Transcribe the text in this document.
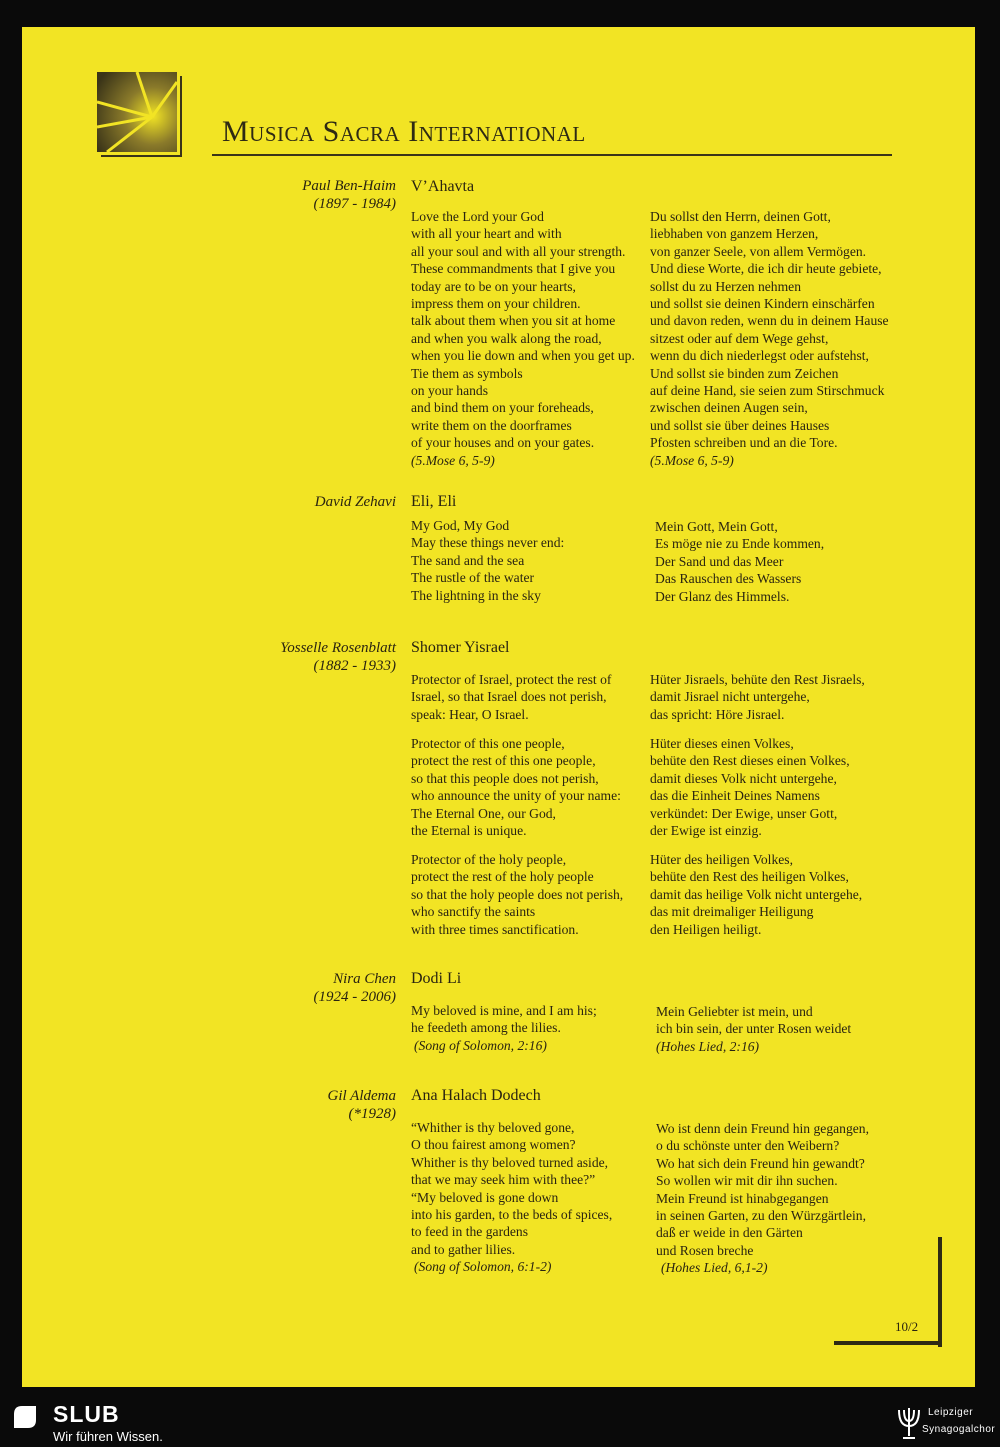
Musica Sacra International
Paul Ben-Haim
(1897 - 1984)
V’Ahavta
Love the Lord your God
with all your heart and with
all your soul and with all your strength.
These commandments that I give you
today are to be on your hearts,
impress them on your children.
talk about them when you sit at home
and when you walk along the road,
when you lie down and when you get up.
Tie them as symbols
on your hands
and bind them on your foreheads,
write them on the doorframes
of your houses and on your gates.
(5.Mose 6, 5-9)
Du sollst den Herrn, deinen Gott,
liebhaben von ganzem Herzen,
von ganzer Seele, von allem Vermögen.
Und diese Worte, die ich dir heute gebiete,
sollst du zu Herzen nehmen
und sollst sie deinen Kindern einschärfen
und davon reden, wenn du in deinem Hause
sitzest oder auf dem Wege gehst,
wenn du dich niederlegst oder aufstehst,
Und sollst sie binden zum Zeichen
auf deine Hand, sie seien zum Stirschmuck
zwischen deinen Augen sein,
und sollst sie über deines Hauses
Pfosten schreiben und an die Tore.
(5.Mose 6, 5-9)
David Zehavi Eli, Eli
My God, My God
May these things never end:
The sand and the sea
The rustle of the water
The lightning in the sky
Mein Gott, Mein Gott,
Es möge nie zu Ende kommen,
Der Sand und das Meer
Das Rauschen des Wassers
Der Glanz des Himmels.
Yosselle Rosenblatt
(1882 - 1933)
Shomer Yisrael
Protector of Israel, protect the rest of
Israel, so that Israel does not perish,
speak: Hear, O Israel.
Hüter Jisraels, behüte den Rest Jisraels,
damit Jisrael nicht untergehe,
das spricht: Höre Jisrael.
Protector of this one people,
protect the rest of this one people,
so that this people does not perish,
who announce the unity of your name:
The Eternal One, our God,
the Eternal is unique.
Hüter dieses einen Volkes,
behüte den Rest dieses einen Volkes,
damit dieses Volk nicht untergehe,
das die Einheit Deines Namens
verkündet: Der Ewige, unser Gott,
der Ewige ist einzig.
Protector of the holy people,
protect the rest of the holy people
so that the holy people does not perish,
who sanctify the saints
with three times sanctification.
Hüter des heiligen Volkes,
behüte den Rest des heiligen Volkes,
damit das heilige Volk nicht untergehe,
das mit dreimaliger Heiligung
den Heiligen heiligt.
Nira Chen
(1924 - 2006)
Dodi Li
My beloved is mine, and I am his;
he feedeth among the lilies.
(Song of Solomon, 2:16)
Mein Geliebter ist mein, und
ich bin sein, der unter Rosen weidet
(Hohes Lied, 2:16)
Gil Aldema
(*1928)
Ana Halach Dodech
“Whither is thy beloved gone,
O thou fairest among women?
Whither is thy beloved turned aside,
that we may seek him with thee?”
“My beloved is gone down
into his garden, to the beds of spices,
to feed in the gardens
and to gather lilies.
(Song of Solomon, 6:1-2)
Wo ist denn dein Freund hin gegangen,
o du schönste unter den Weibern?
Wo hat sich dein Freund hin gewandt?
So wollen wir mit dir ihn suchen.
Mein Freund ist hinabgegangen
in seinen Garten, zu den Würzgärtlein,
daß er weide in den Gärten
und Rosen breche
(Hohes Lied, 6,1-2)
10/2
SLUB
Wir führen Wissen.
Leipziger
Synagogalchor
